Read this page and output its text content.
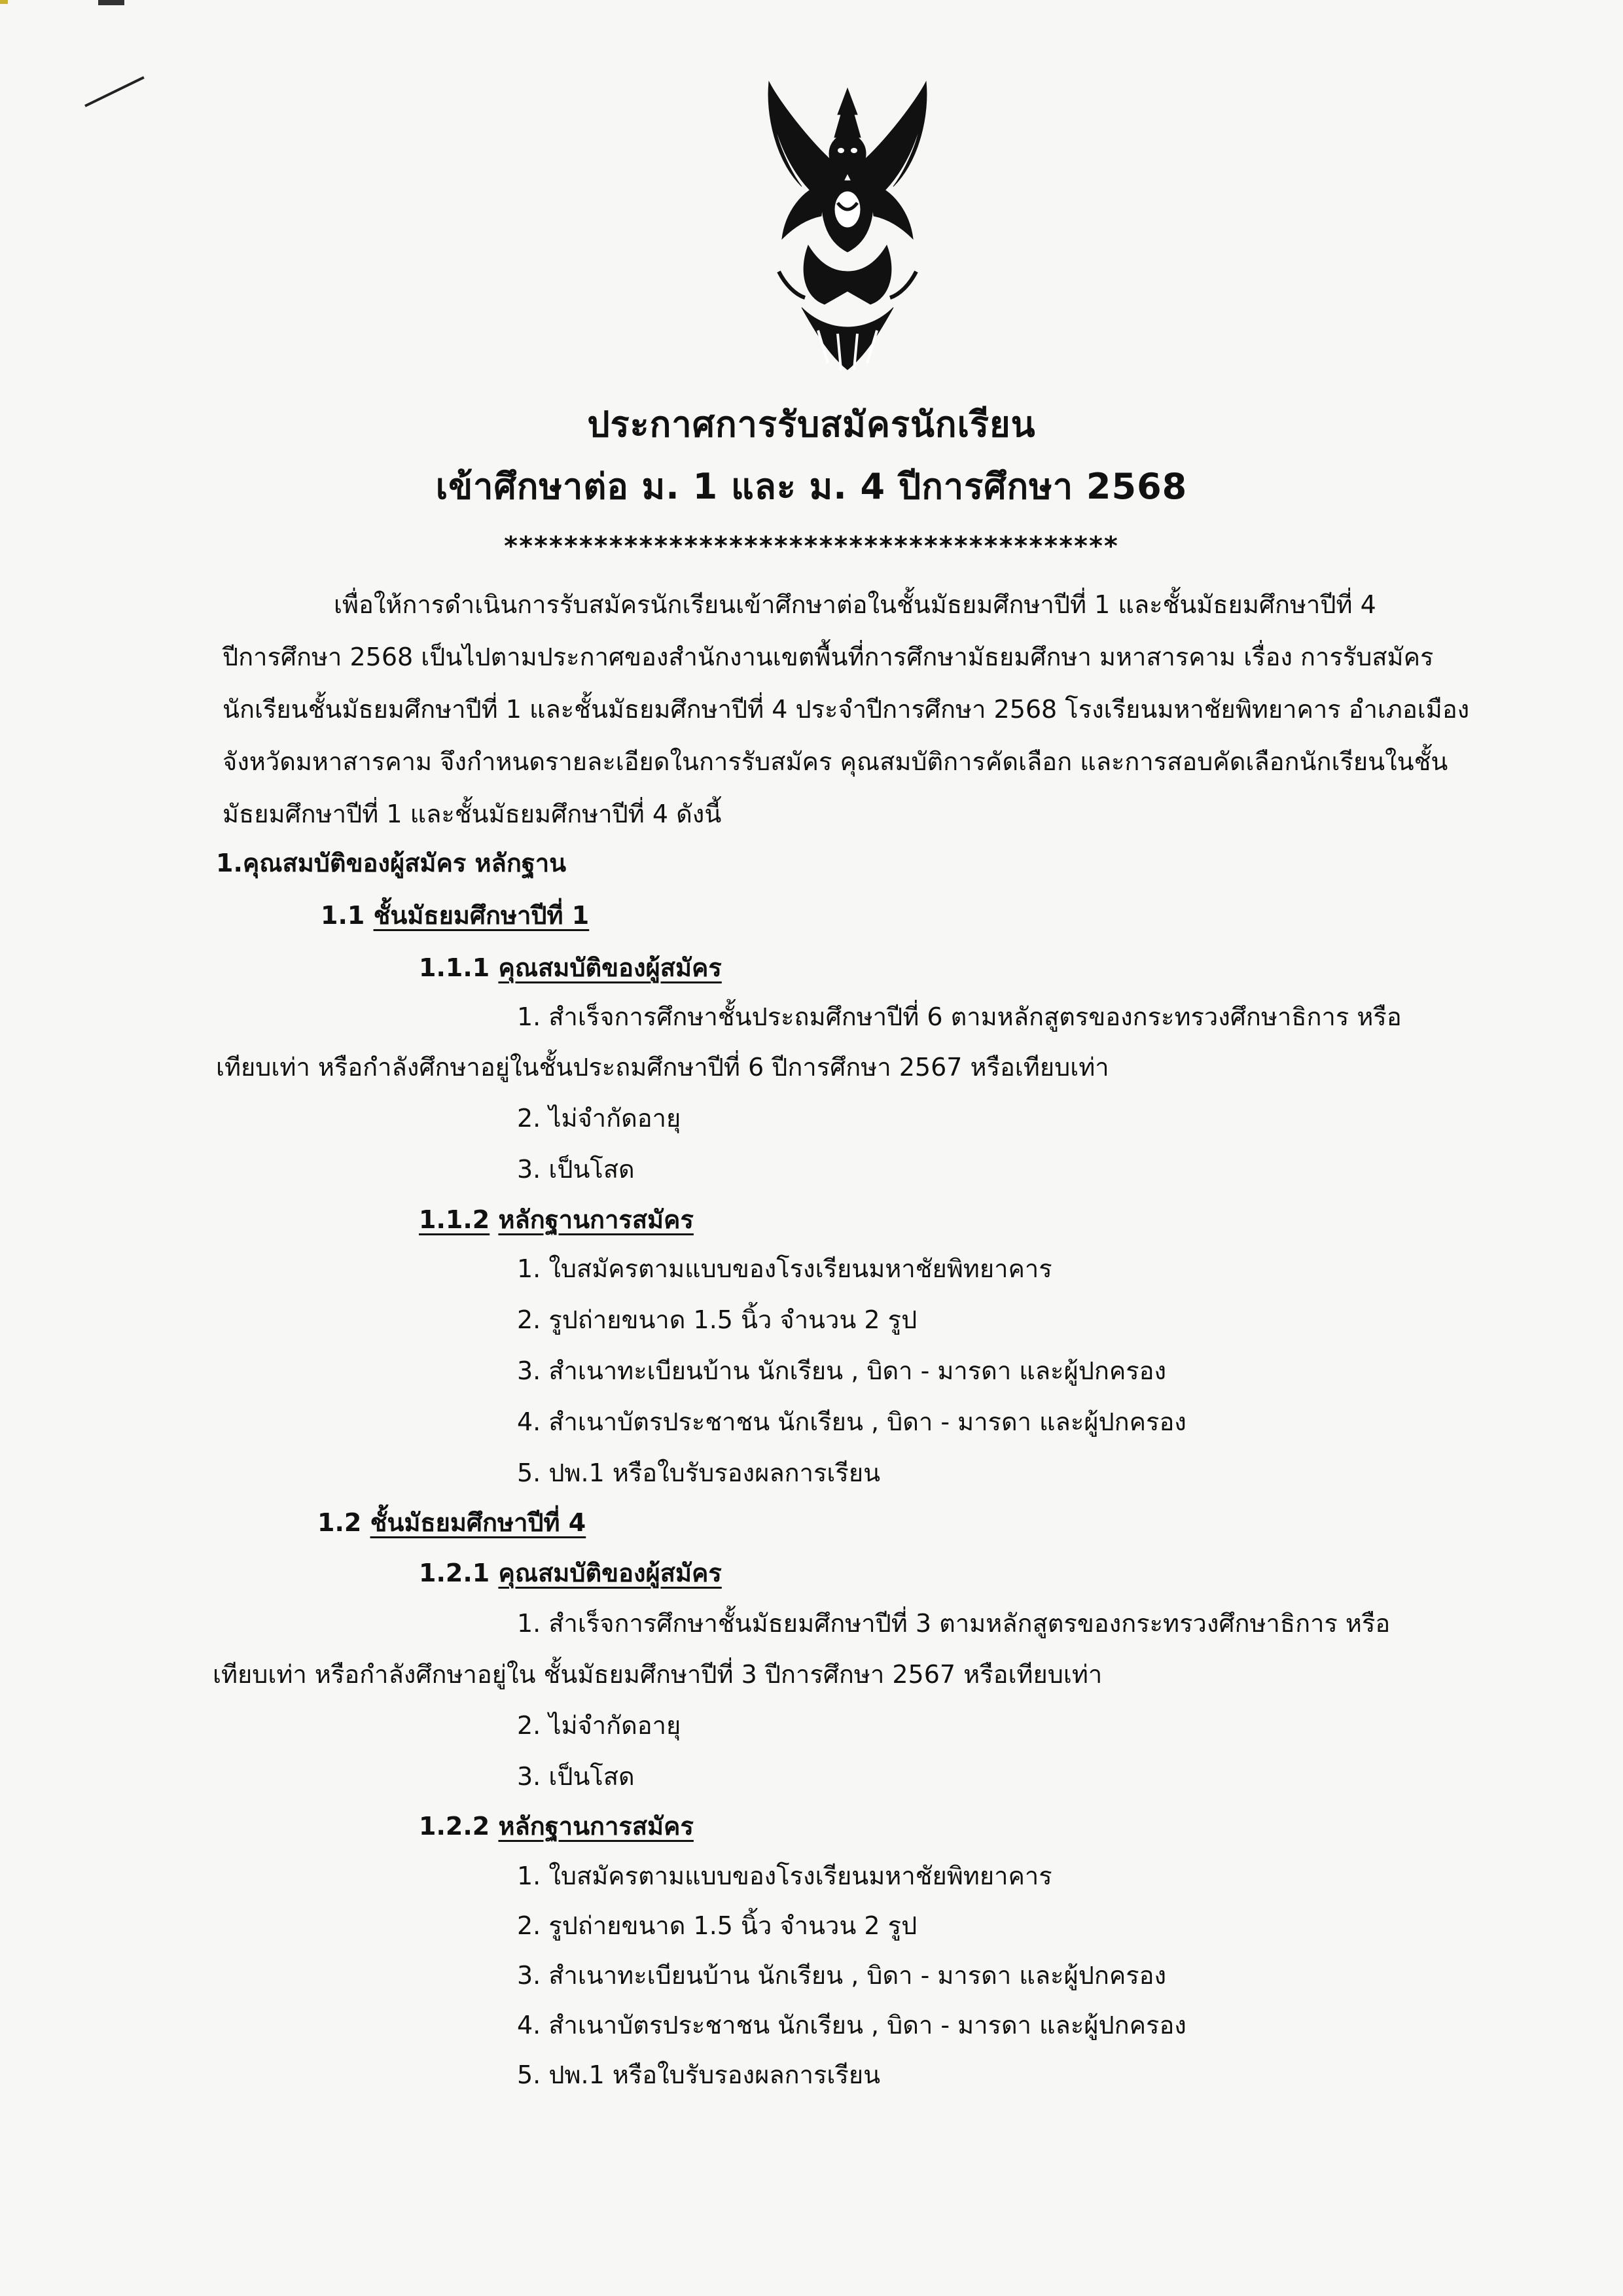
ประกาศการรับสมัครนักเรียน
เข้าศึกษาต่อ ม. 1 และ ม. 4 ปีการศึกษา 2568
*****************************************
เพื่อให้การดำเนินการรับสมัครนักเรียนเข้าศึกษาต่อในชั้นมัธยมศึกษาปีที่ 1 และชั้นมัธยมศึกษาปีที่ 4
ปีการศึกษา 2568 เป็นไปตามประกาศของสำนักงานเขตพื้นที่การศึกษามัธยมศึกษา มหาสารคาม เรื่อง การรับสมัคร
นักเรียนชั้นมัธยมศึกษาปีที่ 1 และชั้นมัธยมศึกษาปีที่ 4 ประจำปีการศึกษา 2568 โรงเรียนมหาชัยพิทยาคาร อำเภอเมือง
จังหวัดมหาสารคาม จึงกำหนดรายละเอียดในการรับสมัคร คุณสมบัติการคัดเลือก และการสอบคัดเลือกนักเรียนในชั้น
มัธยมศึกษาปีที่ 1 และชั้นมัธยมศึกษาปีที่ 4 ดังนี้
1.คุณสมบัติของผู้สมัคร หลักฐาน
1.1 ชั้นมัธยมศึกษาปีที่ 1
1.1.1 คุณสมบัติของผู้สมัคร
1. สำเร็จการศึกษาชั้นประถมศึกษาปีที่ 6 ตามหลักสูตรของกระทรวงศึกษาธิการ หรือ
เทียบเท่า หรือกำลังศึกษาอยู่ในชั้นประถมศึกษาปีที่ 6 ปีการศึกษา 2567 หรือเทียบเท่า
2. ไม่จำกัดอายุ
3. เป็นโสด
1.1.2 หลักฐานการสมัคร
1. ใบสมัครตามแบบของโรงเรียนมหาชัยพิทยาคาร
2. รูปถ่ายขนาด 1.5 นิ้ว จำนวน 2 รูป
3. สำเนาทะเบียนบ้าน นักเรียน , บิดา - มารดา และผู้ปกครอง
4. สำเนาบัตรประชาชน นักเรียน , บิดา - มารดา และผู้ปกครอง
5. ปพ.1 หรือใบรับรองผลการเรียน
1.2 ชั้นมัธยมศึกษาปีที่ 4
1.2.1 คุณสมบัติของผู้สมัคร
1. สำเร็จการศึกษาชั้นมัธยมศึกษาปีที่ 3 ตามหลักสูตรของกระทรวงศึกษาธิการ หรือ
เทียบเท่า หรือกำลังศึกษาอยู่ใน ชั้นมัธยมศึกษาปีที่ 3 ปีการศึกษา 2567 หรือเทียบเท่า
2. ไม่จำกัดอายุ
3. เป็นโสด
1.2.2 หลักฐานการสมัคร
1. ใบสมัครตามแบบของโรงเรียนมหาชัยพิทยาคาร
2. รูปถ่ายขนาด 1.5 นิ้ว จำนวน 2 รูป
3. สำเนาทะเบียนบ้าน นักเรียน , บิดา - มารดา และผู้ปกครอง
4. สำเนาบัตรประชาชน นักเรียน , บิดา - มารดา และผู้ปกครอง
5. ปพ.1 หรือใบรับรองผลการเรียน
